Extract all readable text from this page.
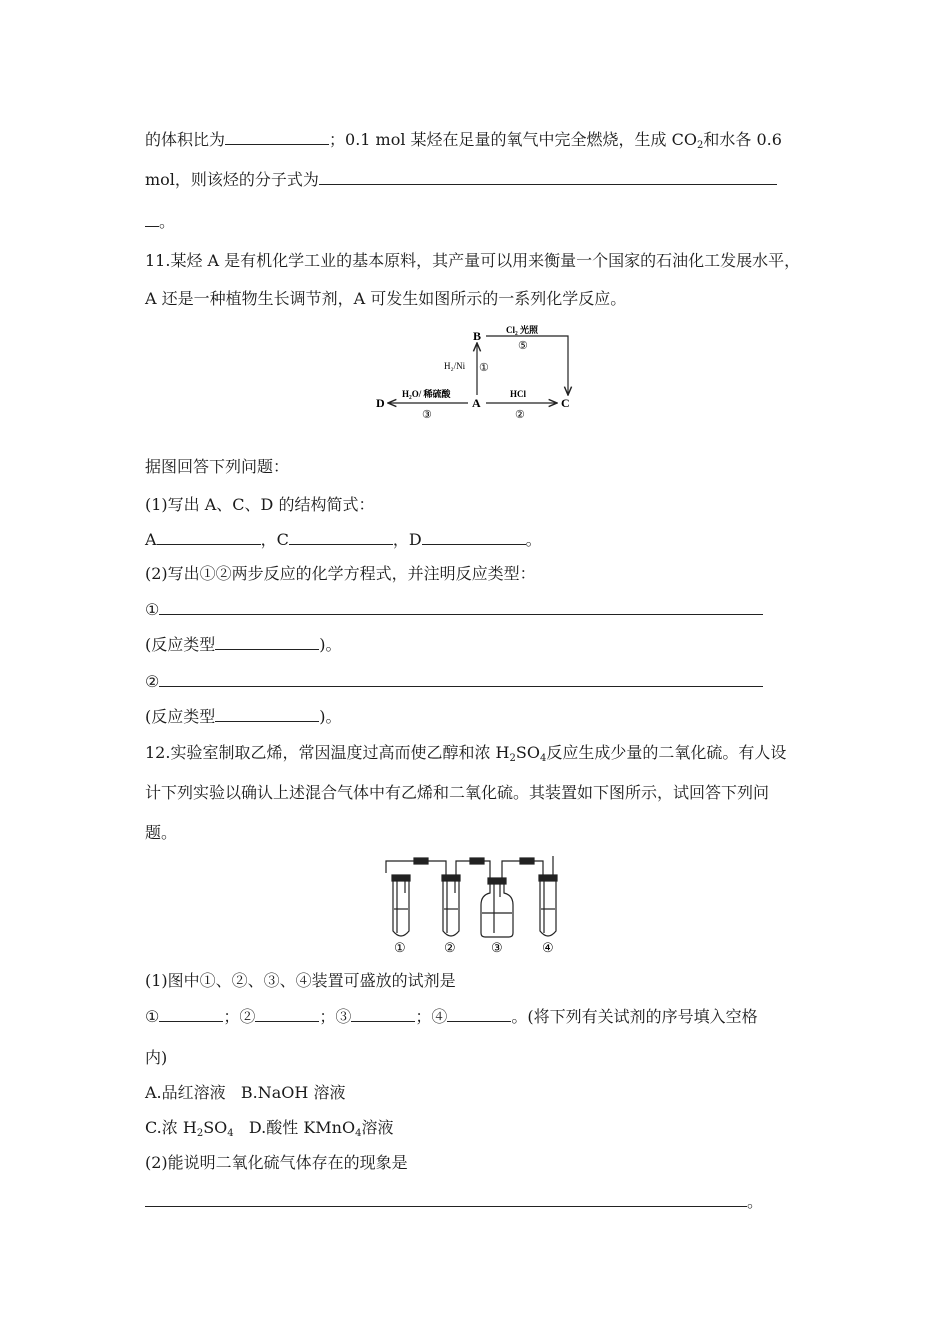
的体积比为	；0.1 mol 某烃在足量的氧气中完全燃烧，生成 $CO_2$和水各 0.6
mol，则该烃的分子式为
。
11.某烃 A 是有机化学工业的基本原料，其产量可以用来衡量一个国家的石油化工发展水平，
A 还是一种植物生长调节剂，A 可发生如图所示的一系列化学反应。
A
B
C
D
H₂/Ni ①
Cl₂ 光照
⑤
HCl
②
H₂O/ 稀硫酸
③
据图回答下列问题：
(1)写出 A、C、D 的结构简式：
A	，C	，D	。
(2)写出①②两步反应的化学方程式，并注明反应类型：
①
(反应类型	)。
②
(反应类型	)。
12.实验室制取乙烯，常因温度过高而使乙醇和浓 $H_2SO_4$反应生成少量的二氧化硫。有人设
计下列实验以确认上述混合气体中有乙烯和二氧化硫。其装置如下图所示，试回答下列问
题。
①	②	③	④
(1)图中①、②、③、④装置可盛放的试剂是
①	；②	；③	；④	。(将下列有关试剂的序号填入空格
内)
A.品红溶液 B.NaOH 溶液
C.浓 $H_2SO_4$ D.酸性 KMnO$_4$溶液
(2)能说明二氧化硫气体存在的现象是
。
